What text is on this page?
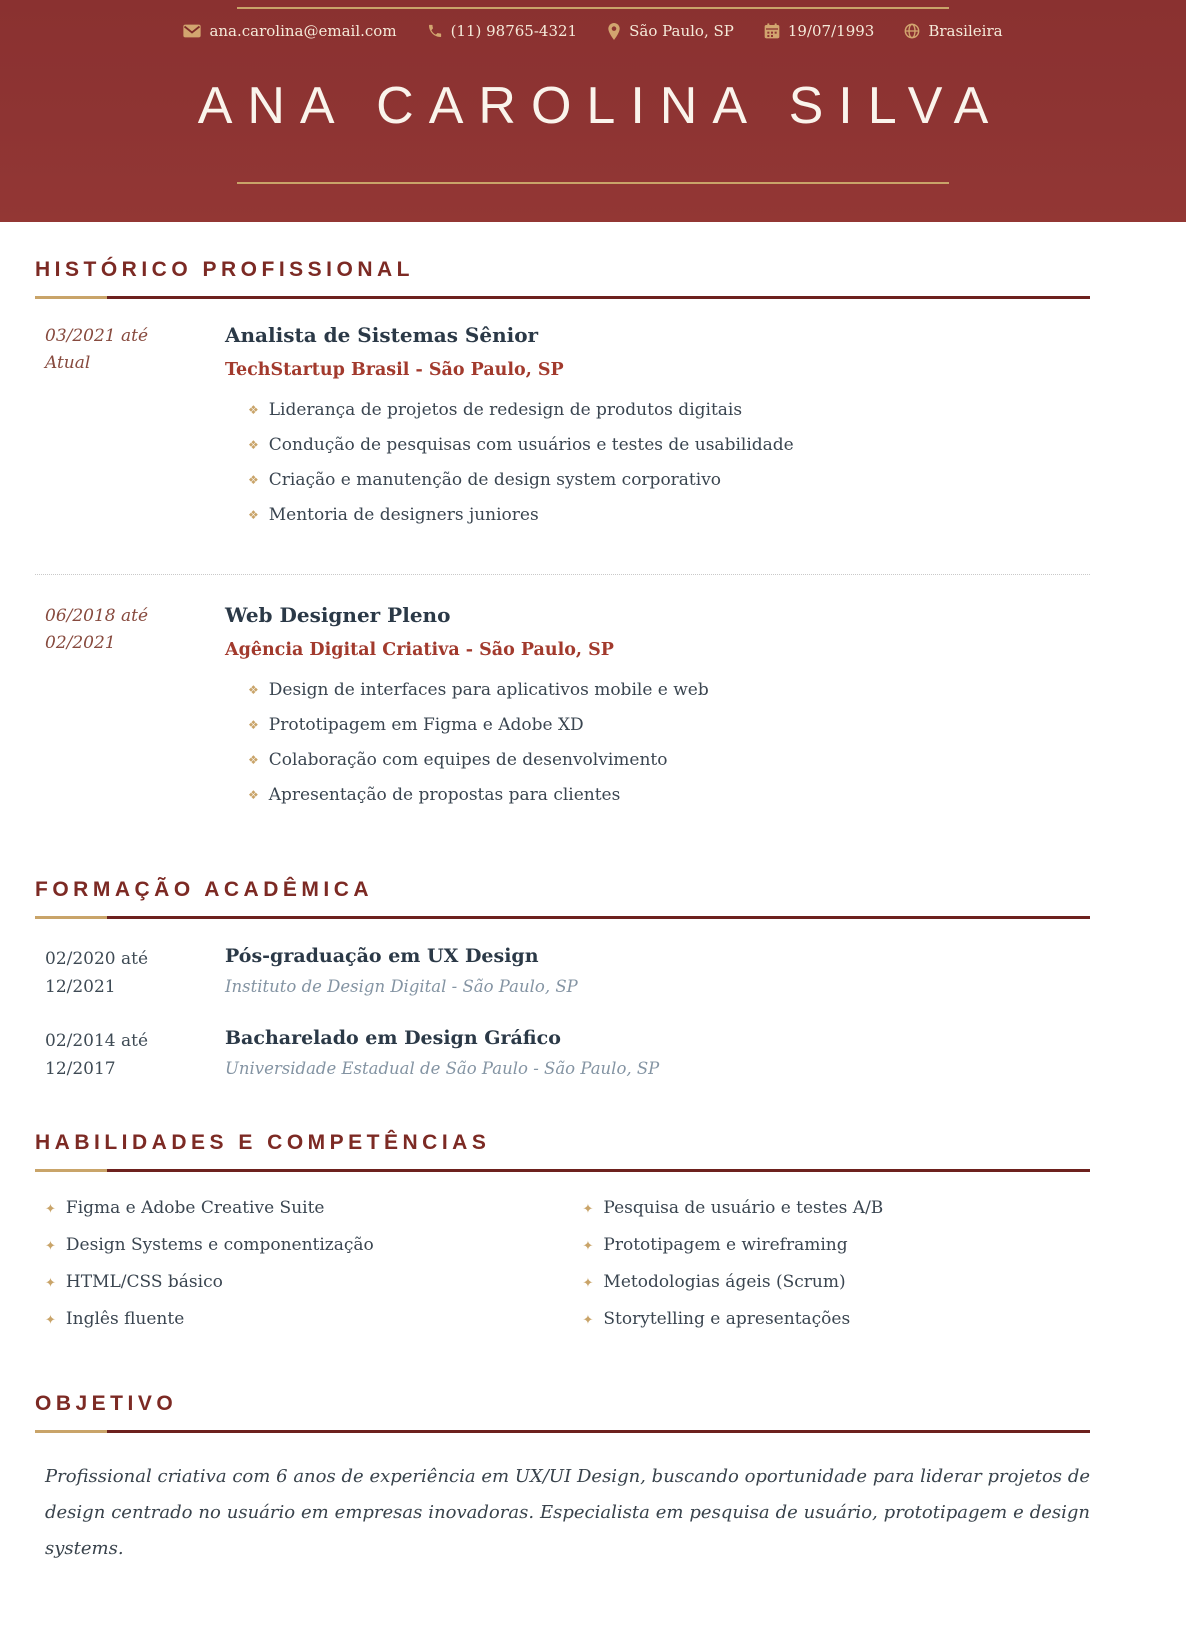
ana.carolina@email.com	(11) 98765-4321	São Paulo, SP	19/07/1993	Brasileira
ANA CAROLINA SILVA
HISTÓRICO PROFISSIONAL
03/2021 até Atual
Analista de Sistemas Sênior

TechStartup Brasil - São Paulo, SP

❖ Liderança de projetos de redesign de produtos digitais
❖ Condução de pesquisas com usuários e testes de usabilidade
❖ Criação e manutenção de design system corporativo
❖ Mentoria de designers juniores
06/2018 até 02/2021
Web Designer Pleno

Agência Digital Criativa - São Paulo, SP

❖ Design de interfaces para aplicativos mobile e web
❖ Prototipagem em Figma e Adobe XD
❖ Colaboração com equipes de desenvolvimento
❖ Apresentação de propostas para clientes
FORMAÇÃO ACADÊMICA
02/2020 até 12/2021
Pós-graduação em UX Design

Instituto de Design Digital - São Paulo, SP

02/2014 até 12/2017
Bacharelado em Design Gráfico

Universidade Estadual de São Paulo - São Paulo, SP

HABILIDADES E COMPETÊNCIAS
✦ Figma e Adobe Creative Suite	✦ Pesquisa de usuário e testes A/B
✦ Design Systems e componentização	✦ Prototipagem e wireframing
✦ HTML/CSS básico	✦ Metodologias ágeis (Scrum)
✦ Inglês fluente	✦ Storytelling e apresentações
OBJETIVO

Profissional criativa com 6 anos de experiência em UX/UI Design, buscando oportunidade para liderar projetos de design centrado no usuário em empresas inovadoras. Especialista em pesquisa de usuário, prototipagem e design systems.
